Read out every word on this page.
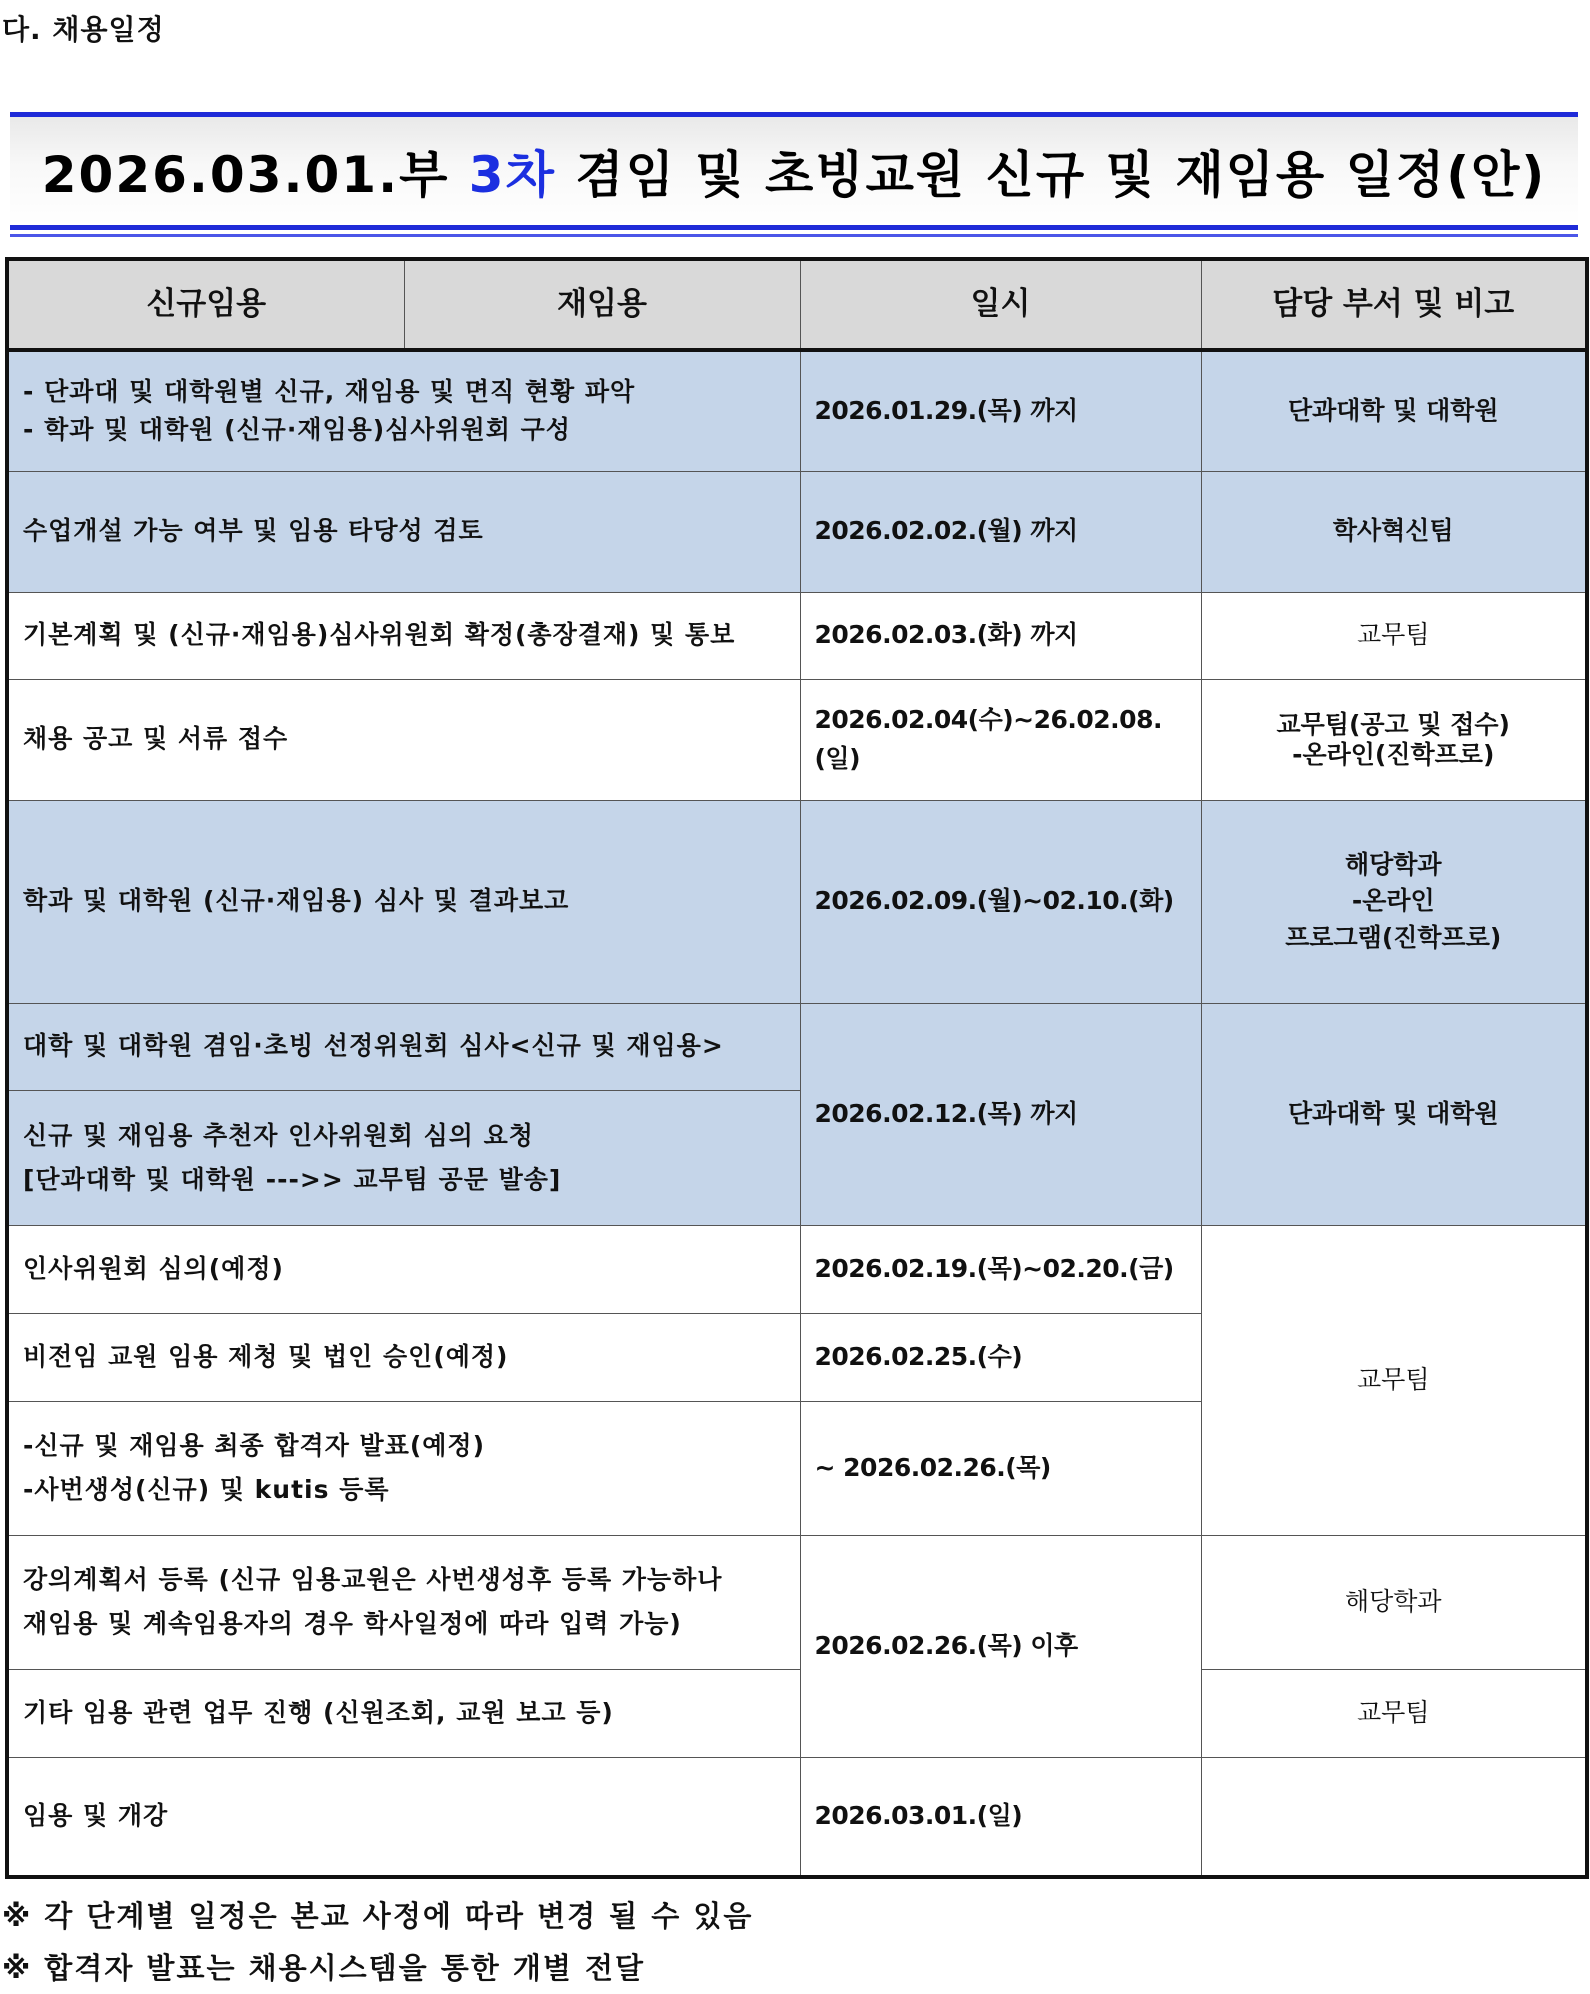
다. 채용일정
2026.03.01.부 3차 겸임 및 초빙교원 신규 및 재임용 일정(안)
신규임용	재임용	일시	담당 부서 및 비고

- 단과대 및 대학원별 신규, 재임용 및 면직 현황 파악
- 학과 및 대학원 (신규·재임용)심사위원회 구성		2026.01.29.(목) 까지	단과대학 및 대학원
수업개설 가능 여부 및 임용 타당성 검토		2026.02.02.(월) 까지	학사혁신팀
기본계획 및 (신규·재임용)심사위원회 확정(총장결재) 및 통보		2026.02.03.(화) 까지	교무팀
채용 공고 및 서류 접수		2026.02.04(수)~26.02.08.(일)	교무팀(공고 및 접수)
-온라인(진학프로)

학과 및 대학원 (신규·재임용) 심사 및 결과보고		2026.02.09.(월)~02.10.(화)	해당학과
-온라인
프로그램(진학프로)

대학 및 대학원 겸임·초빙 선정위원회 심사<신규 및 재임용>		2026.02.12.(목) 까지	단과대학 및 대학원

신규 및 재임용 추천자 인사위원회 심의 요청
[단과대학 및 대학원 --->> 교무팀 공문 발송]			

인사위원회 심의(예정)		2026.02.19.(목)~02.20.(금)	교무팀
비전임 교원 임용 제청 및 법인 승인(예정)		2026.02.25.(수)	

-신규 및 재임용 최종 합격자 발표(예정)
-사번생성(신규) 및 kutis 등록		~ 2026.02.26.(목)	

강의계획서 등록 (신규 임용교원은 사번생성후 등록 가능하나
재임용 및 계속임용자의 경우 학사일정에 따라 입력 가능)		2026.02.26.(목) 이후	해당학과
기타 임용 관련 업무 진행 (신원조회, 교원 보고 등)			교무팀
임용 및 개강		2026.03.01.(일)	
※ 각 단계별 일정은 본교 사정에 따라 변경 될 수 있음
※ 합격자 발표는 채용시스템을 통한 개별 전달
